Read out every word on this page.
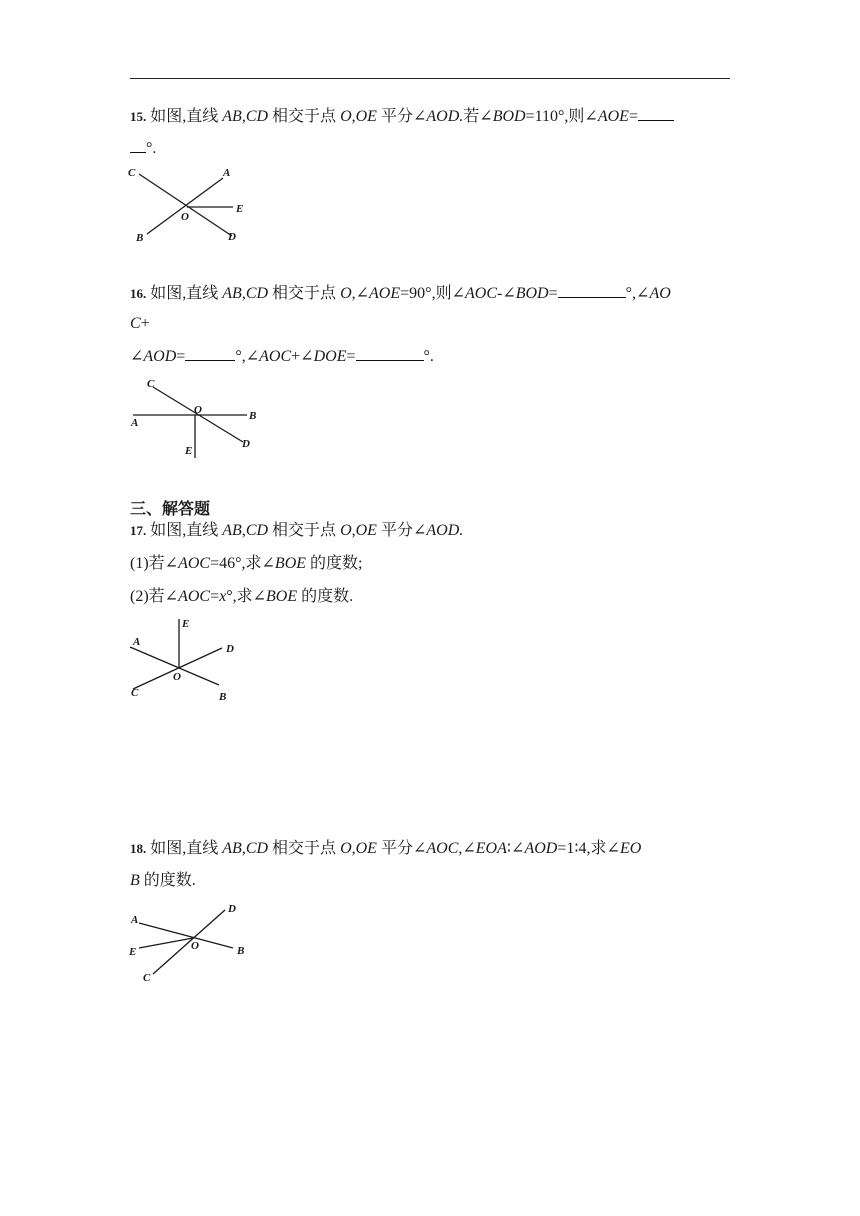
15. 如图,直线 AB,CD 相交于点 O,OE 平分∠AOD.若∠BOD=110°,则∠AOE=
°.
C	A
E
O
B	D
16. 如图,直线 AB,CD 相交于点 O,∠AOE=90°,则∠AOC-∠BOD=	°,∠AO
C+
∠AOD=	°,∠AOC+∠DOE=	°.
C
O	B
A
D
E
三、解答题
17. 如图,直线 AB,CD 相交于点 O,OE 平分∠AOD.
(1)若∠AOC=46°,求∠BOE 的度数;
(2)若∠AOC=x°,求∠BOE 的度数.
E
A
D
O
C	B
18. 如图,直线 AB,CD 相交于点 O,OE 平分∠AOC,∠EOA∶∠AOD=1∶4,求∠EO
B 的度数.
A
D
E	O	B
C
